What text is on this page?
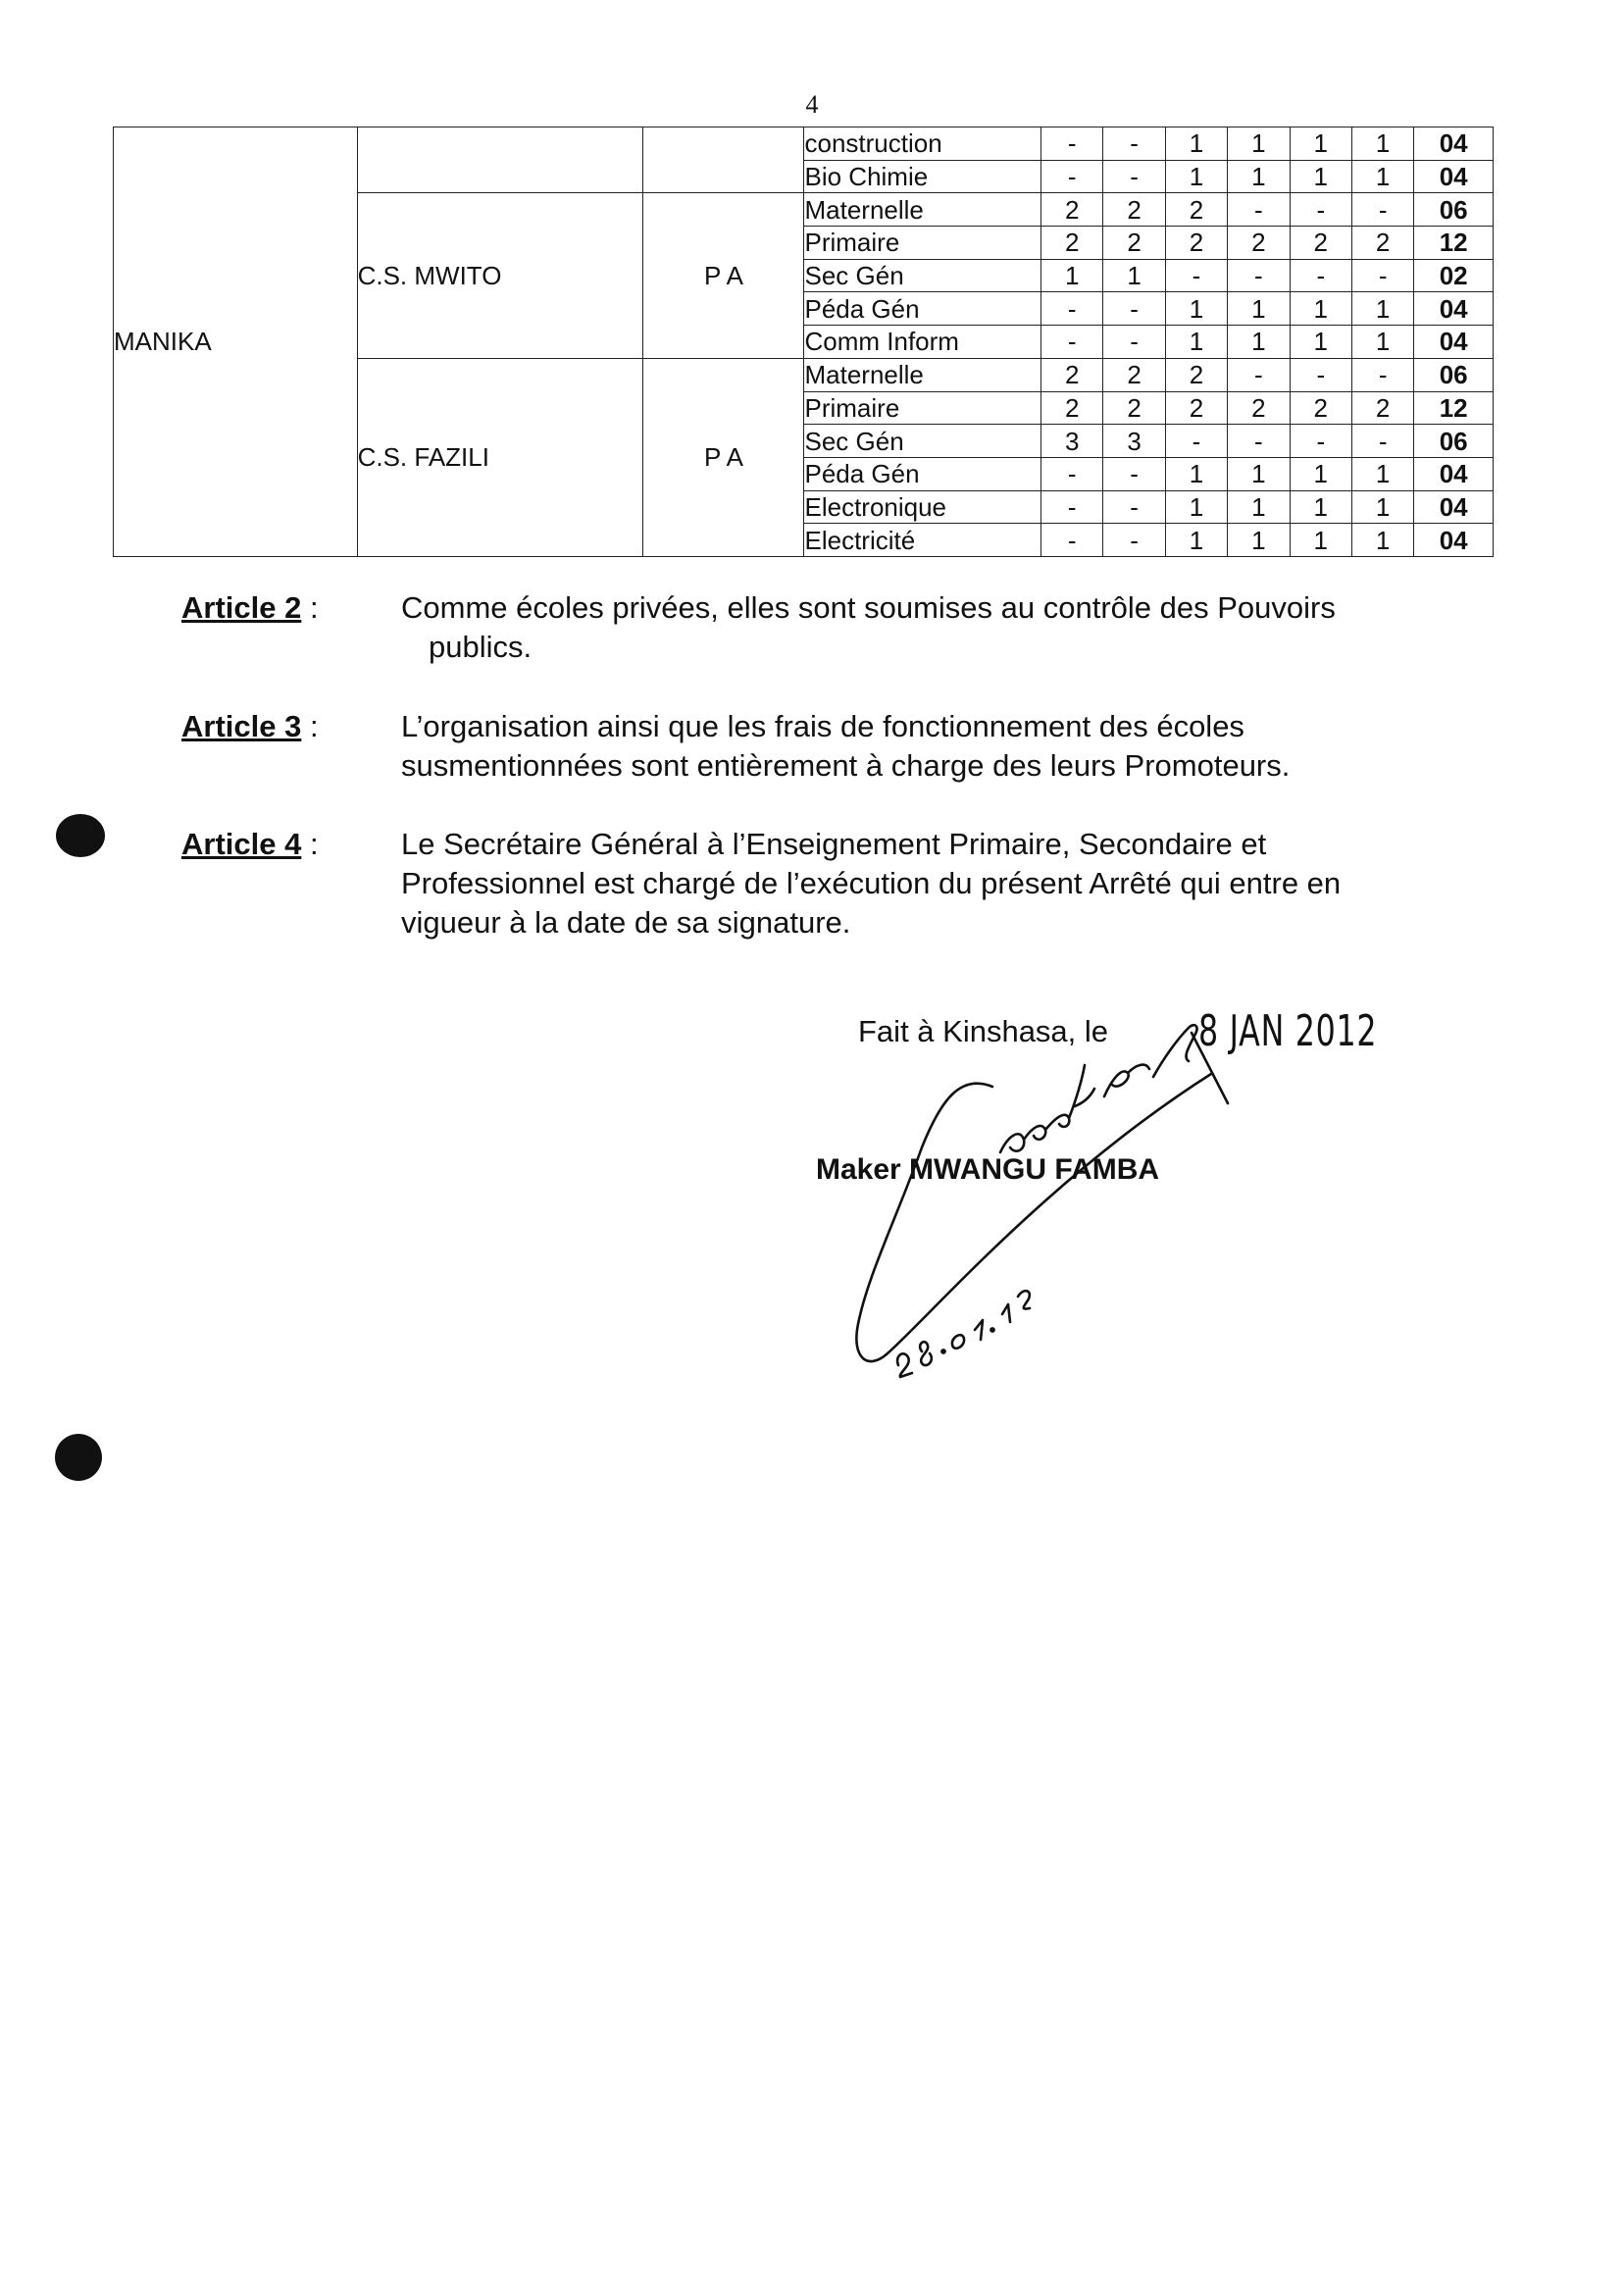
4
MANIKA			construction	-	-	1	1	1	1	04
			Bio Chimie	-	-	1	1	1	1	04
	C.S. MWITO	P A	Maternelle	2	2	2	-	-	-	06
			Primaire	2	2	2	2	2	2	12
			Sec Gén	1	1	-	-	-	-	02
			Péda Gén	-	-	1	1	1	1	04
			Comm Inform	-	-	1	1	1	1	04
	C.S. FAZILI	P A	Maternelle	2	2	2	-	-	-	06
			Primaire	2	2	2	2	2	2	12
			Sec Gén	3	3	-	-	-	-	06
			Péda Gén	-	-	1	1	1	1	04
			Electronique	-	-	1	1	1	1	04
			Electricité	-	-	1	1	1	1	04
Article 2 :	Comme écoles privées, elles sont soumises au contrôle des Pouvoirs
publics.
Article 3 :	L’organisation ainsi que les frais de fonctionnement des écoles
susmentionnées sont entièrement à charge des leurs Promoteurs.
Article 4 :	Le Secrétaire Général à l’Enseignement Primaire, Secondaire et
Professionnel est chargé de l’exécution du présent Arrêté qui entre en
vigueur à la date de sa signature.
Fait à Kinshasa, le 8 JAN 2012
Maker MWANGU FAMBA
